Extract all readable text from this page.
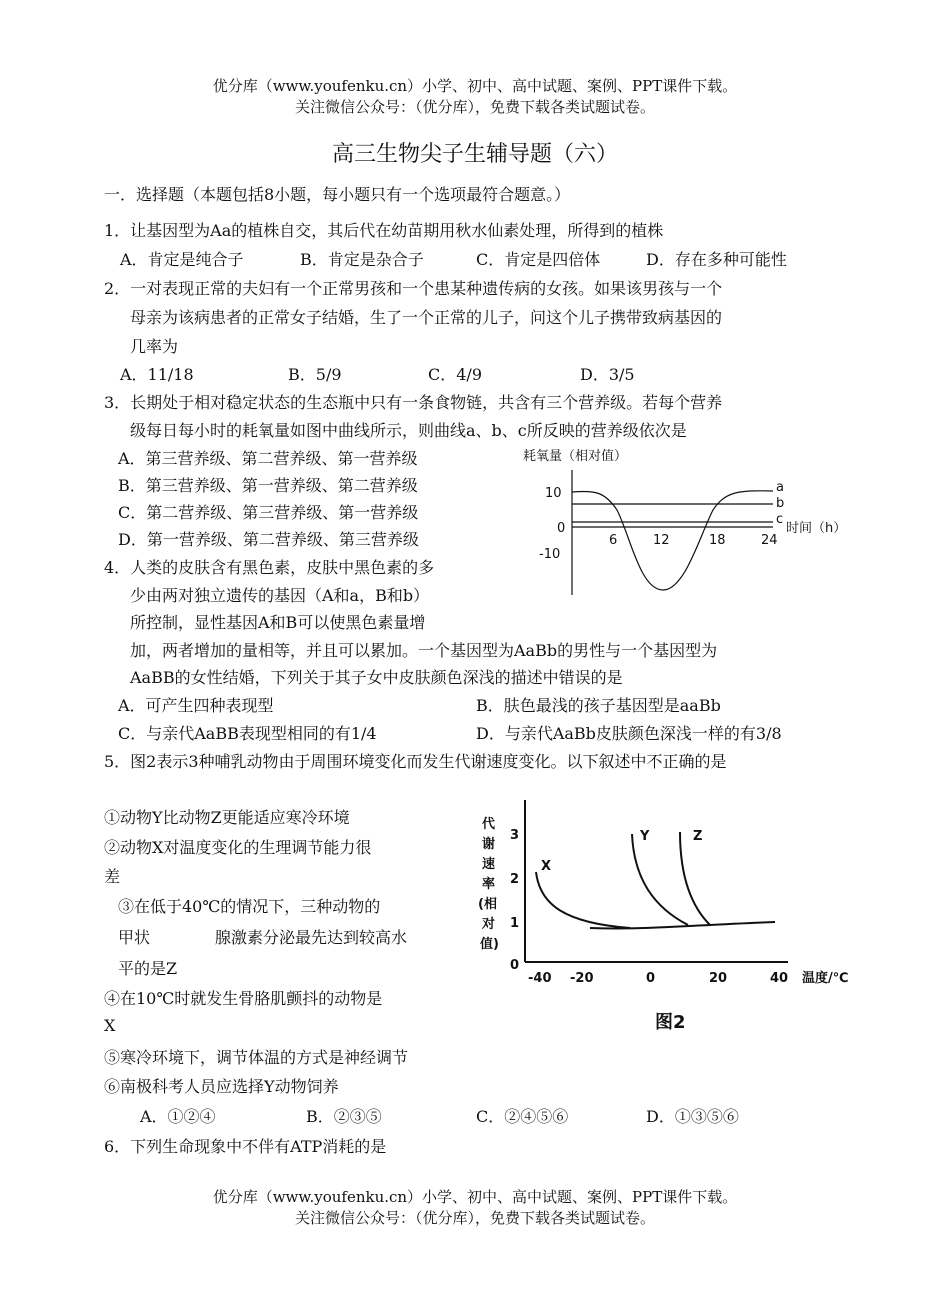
优分库（www.youfenku.cn）小学、初中、高中试题、案例、PPT课件下载。
关注微信公众号：（优分库），免费下载各类试题试卷。
高三生物尖子生辅导题（六）
一．选择题（本题包括8小题，每小题只有一个选项最符合题意。）
1．让基因型为Aa的植株自交，其后代在幼苗期用秋水仙素处理，所得到的植株
A．肯定是纯合子	B．肯定是杂合子	C．肯定是四倍体	D．存在多种可能性
2．一对表现正常的夫妇有一个正常男孩和一个患某种遗传病的女孩。如果该男孩与一个
母亲为该病患者的正常女子结婚，生了一个正常的儿子，问这个儿子携带致病基因的
几率为
A．11/18	B．5/9	C．4/9	D．3/5
3．长期处于相对稳定状态的生态瓶中只有一条食物链，共含有三个营养级。若每个营养
级每日每小时的耗氧量如图中曲线所示，则曲线a、b、c所反映的营养级依次是
A．第三营养级、第二营养级、第一营养级
B．第三营养级、第一营养级、第二营养级
C．第二营养级、第三营养级、第一营养级
D．第一营养级、第二营养级、第三营养级
耗氧量（相对值）
10
0
-10
6	12	18	24
时间（h）
a
b
c
4．人类的皮肤含有黑色素，皮肤中黑色素的多
少由两对独立遗传的基因（A和a，B和b）
所控制，显性基因A和B可以使黑色素量增
加，两者增加的量相等，并且可以累加。一个基因型为AaBb的男性与一个基因型为
AaBB的女性结婚，下列关于其子女中皮肤颜色深浅的描述中错误的是
A．可产生四种表现型	B．肤色最浅的孩子基因型是aaBb
C．与亲代AaBB表现型相同的有1/4	D．与亲代AaBb皮肤颜色深浅一样的有3/8
5．图2表示3种哺乳动物由于周围环境变化而发生代谢速度变化。以下叙述中不正确的是
①动物Y比动物Z更能适应寒冷环境
②动物X对温度变化的生理调节能力很
差
③在低于40℃的情况下，三种动物的
甲状	腺激素分泌最先达到较高水
平的是Z
④在10℃时就发生骨胳肌颤抖的动物是
X
⑤寒冷环境下，调节体温的方式是神经调节
⑥南极科考人员应选择Y动物饲养
A．①②④	B．②③⑤	C．②④⑤⑥	D．①③⑤⑥
代
谢
速
率
(相
对
值)
3
2
1
0
-40 -20	0	20	40 温度/℃
X
Y	Z
图2
6．下列生命现象中不伴有ATP消耗的是
优分库（www.youfenku.cn）小学、初中、高中试题、案例、PPT课件下载。
关注微信公众号：（优分库），免费下载各类试题试卷。
